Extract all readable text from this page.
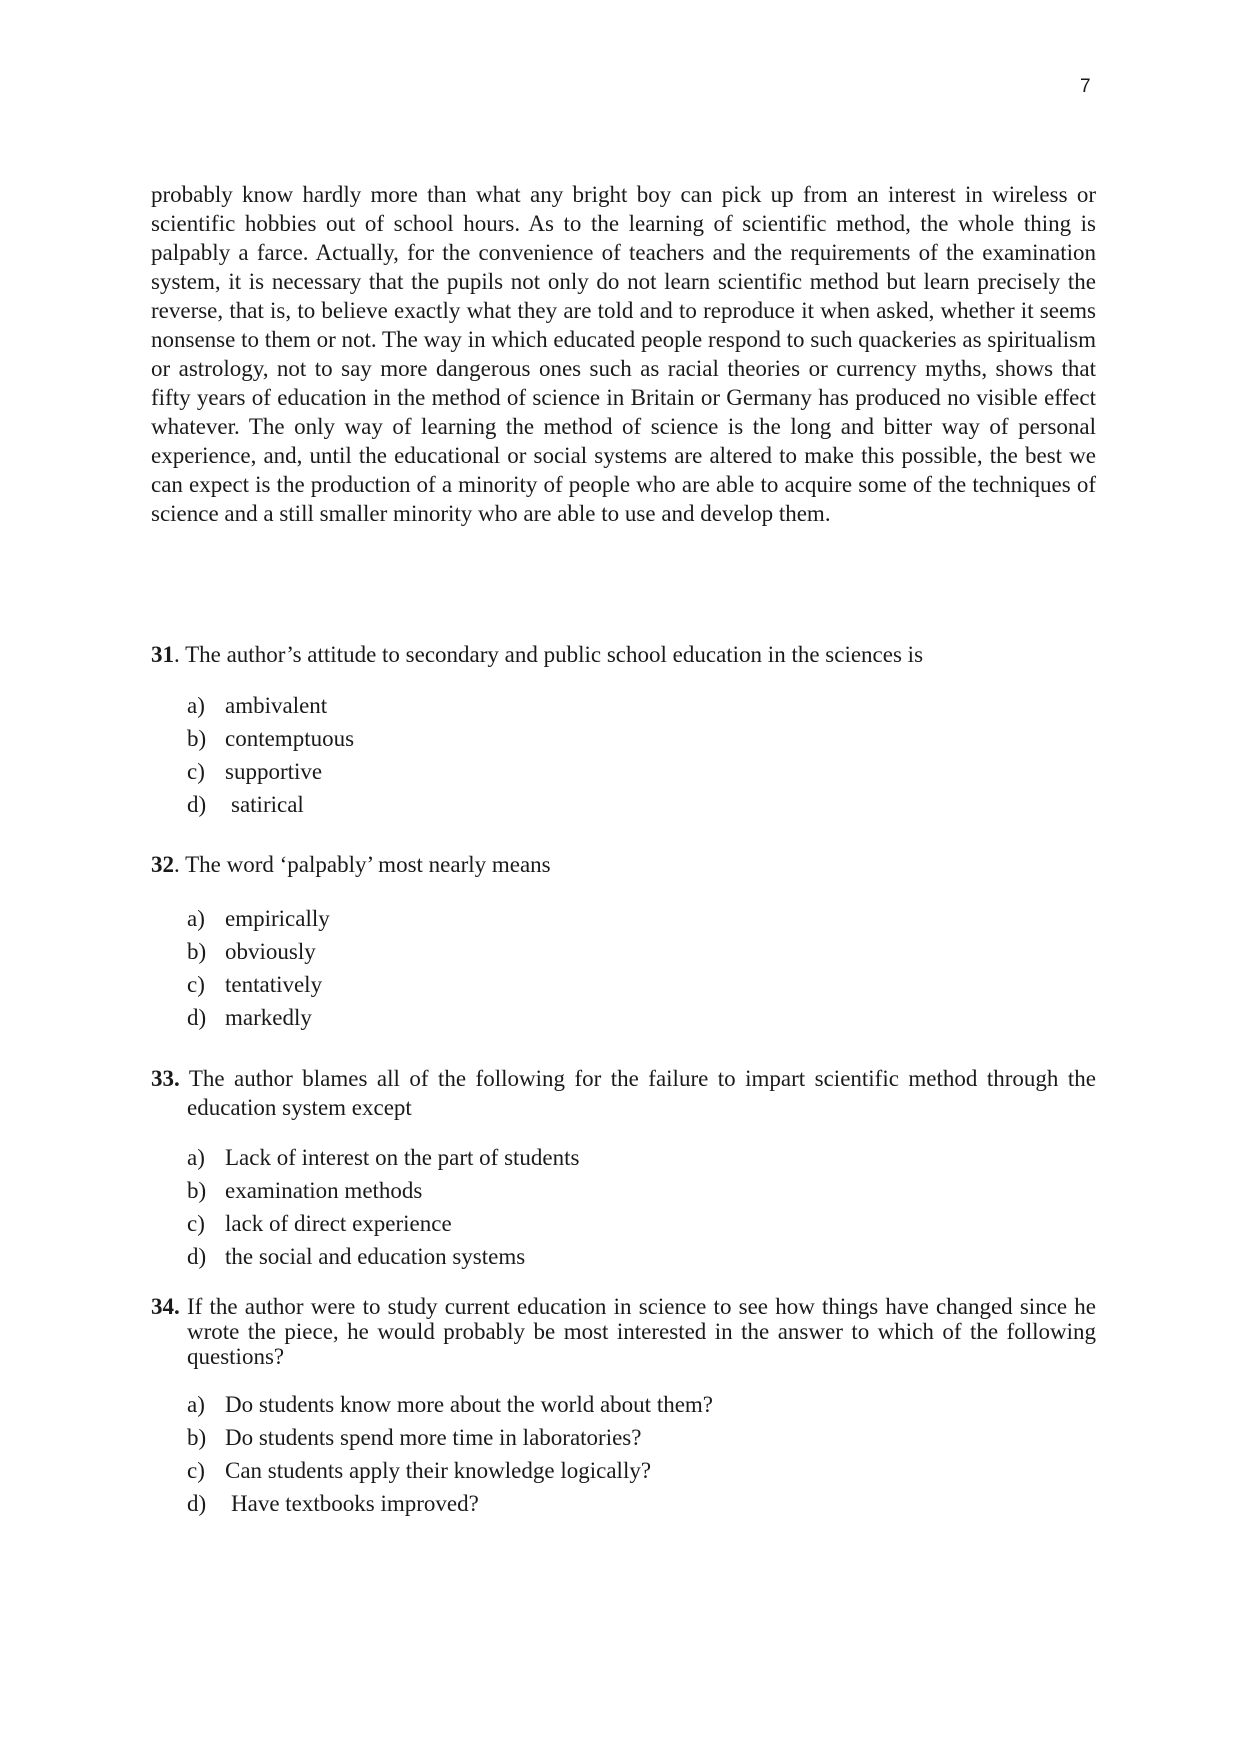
7

probably know hardly more than what any bright boy can pick up from an interest in wireless or scientific hobbies out of school hours. As to the learning of scientific method, the whole thing is palpably a farce. Actually, for the convenience of teachers and the requirements of the examination system, it is necessary that the pupils not only do not learn scientific method but learn precisely the reverse, that is, to believe exactly what they are told and to reproduce it when asked, whether it seems nonsense to them or not. The way in which educated people respond to such quackeries as spiritualism or astrology, not to say more dangerous ones such as racial theories or currency myths, shows that fifty years of education in the method of science in Britain or Germany has produced no visible effect whatever. The only way of learning the method of science is the long and bitter way of personal experience, and, until the educational or social systems are altered to make this possible, the best we can expect is the production of a minority of people who are able to acquire some of the techniques of science and a still smaller minority who are able to use and develop them.

31. The author’s attitude to secondary and public school education in the sciences is

a) ambivalent
b) contemptuous
c) supportive
d)	satirical

32. The word ‘palpably’ most nearly means

a) empirically
b) obviously
c) tentatively
d) markedly

33. The author blames all of the following for the failure to impart scientific method through the education system except

a) Lack of interest on the part of students
b) examination methods
c) lack of direct experience
d) the social and education systems

34. If the author were to study current education in science to see how things have changed since he wrote the piece, he would probably be most interested in the answer to which of the following questions?

a) Do students know more about the world about them?
b) Do students spend more time in laboratories?
c) Can students apply their knowledge logically?
d)	Have textbooks improved?
